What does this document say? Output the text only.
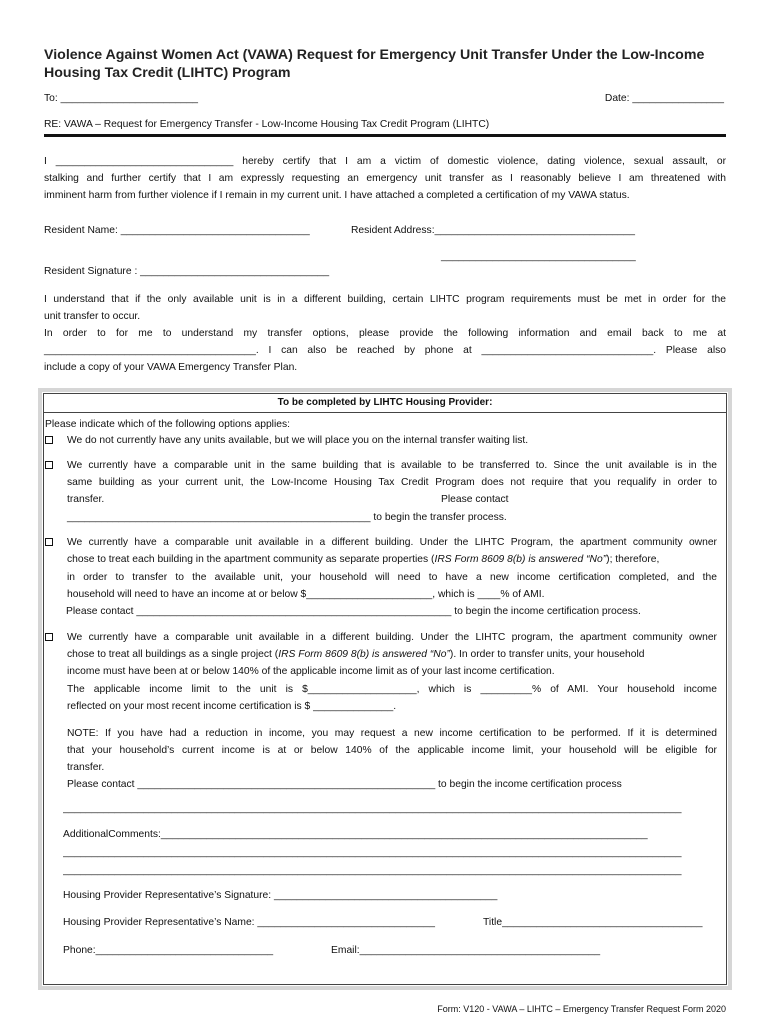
Violence Against Women Act (VAWA) Request for Emergency Unit Transfer Under the Low-Income Housing Tax Credit (LIHTC) Program
To: ________________________	Date: ________________
RE: VAWA – Request for Emergency Transfer - Low-Income Housing Tax Credit Program (LIHTC)
I _______________________________ hereby certify that I am a victim of domestic violence, dating violence, sexual assault, or
stalking and further certify that I am expressly requesting an emergency unit transfer as I reasonably believe I am threatened with
imminent harm from further violence if I remain in my current unit. I have attached a completed a certification of my VAWA status.
Resident Name: _________________________________	Resident Address:___________________________________
__________________________________
Resident Signature : _________________________________
I understand that if the only available unit is in a different building, certain LIHTC program requirements must be met in order for the
unit transfer to occur.
In order to for me to understand my transfer options, please provide the following information and email back to me at
_____________________________________. I can also be reached by phone at ______________________________. Please also
include a copy of your VAWA Emergency Transfer Plan.
To be completed by LIHTC Housing Provider:
Please indicate which of the following options applies:
We do not currently have any units available, but we will place you on the internal transfer waiting list.
We currently have a comparable unit in the same building that is available to be transferred to. Since the unit available is in the
same building as your current unit, the Low-Income Housing Tax Credit Program does not require that you requalify in order to
transfer.	Please contact
_____________________________________________________ to begin the transfer process.
We currently have a comparable unit available in a different building. Under the LIHTC Program, the apartment community owner
chose to treat each building in the apartment community as separate properties (IRS Form 8609 8(b) is answered “No”); therefore,
in order to transfer to the available unit, your household will need to have a new income certification completed, and the
household will need to have an income at or below $______________________, which is ____% of AMI.
Please contact _______________________________________________________ to begin the income certification process.
We currently have a comparable unit available in a different building. Under the LIHTC program, the apartment community owner
chose to treat all buildings as a single project (IRS Form 8609 8(b) is answered “No”). In order to transfer units, your household
income must have been at or below 140% of the applicable income limit as of your last income certification.
The applicable income limit to the unit is $___________________, which is _________% of AMI. Your household income
reflected on your most recent income certification is $ ______________.
NOTE: If you have had a reduction in income, you may request a new income certification to be performed. If it is determined
that your household’s current income is at or below 140% of the applicable income limit, your household will be eligible for
transfer.
Please contact ____________________________________________________ to begin the income certification process
____________________________________________________________________________________________________________
AdditionalComments:_____________________________________________________________________________________
____________________________________________________________________________________________________________
____________________________________________________________________________________________________________
Housing Provider Representative’s Signature: _______________________________________
Housing Provider Representative’s Name: _______________________________	Title___________________________________
Phone:_______________________________	Email:__________________________________________
Form: V120 - VAWA – LIHTC – Emergency Transfer Request Form 2020
